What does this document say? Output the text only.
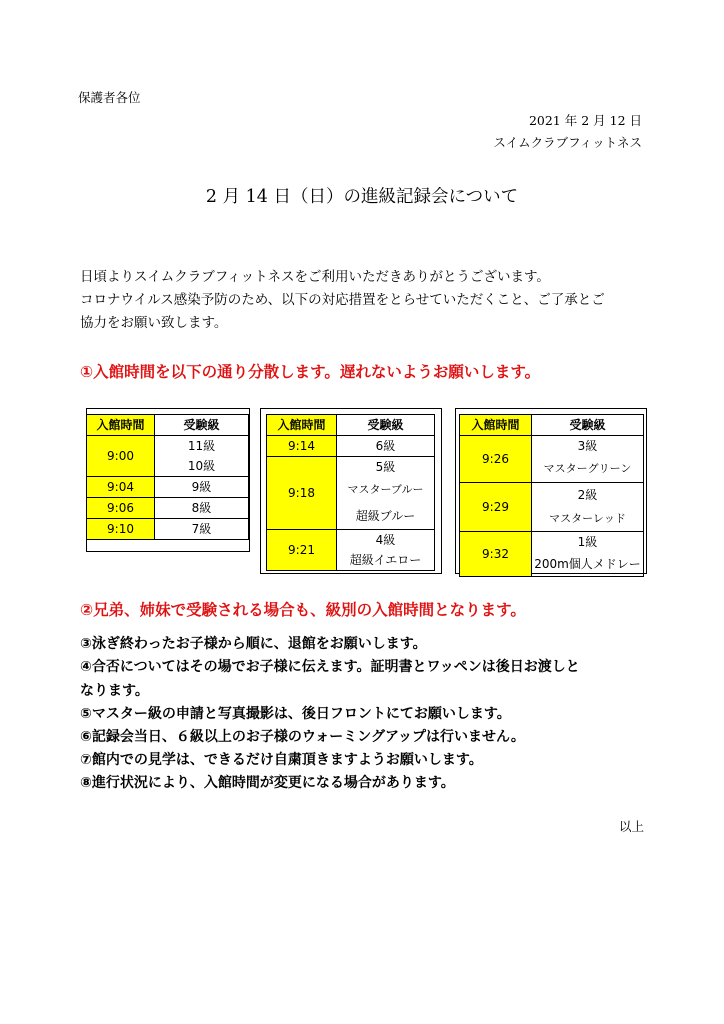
保護者各位
2021 年 2 月 12 日
スイムクラブフィットネス
2 月 14 日（日）の進級記録会について
日頃よりスイムクラブフィットネスをご利用いただきありがとうございます。
コロナウイルス感染予防のため、以下の対応措置をとらせていただくこと、ご了承とご
協力をお願い致します。
①入館時間を以下の通り分散します。遅れないようお願いします。
入館時間	受験級
9:00	11級
10級

9:04	9級

9:06	8級

9:10	7級
入館時間	受験級
9:14	6級

9:18	5級
マスターブルー
超級ブルー

9:21	4級
超級イエロー
入館時間	受験級
9:26	3級
マスターグリーン

9:29	2級
マスターレッド

9:32	1級
200m個人メドレー
②兄弟、姉妹で受験される場合も、級別の入館時間となります。
③泳ぎ終わったお子様から順に、退館をお願いします。
④合否についてはその場でお子様に伝えます。証明書とワッペンは後日お渡しと
なります。
⑤マスター級の申請と写真撮影は、後日フロントにてお願いします。
⑥記録会当日、６級以上のお子様のウォーミングアップは行いません。
⑦館内での見学は、できるだけ自粛頂きますようお願いします。
⑧進行状況により、入館時間が変更になる場合があります。
以上
